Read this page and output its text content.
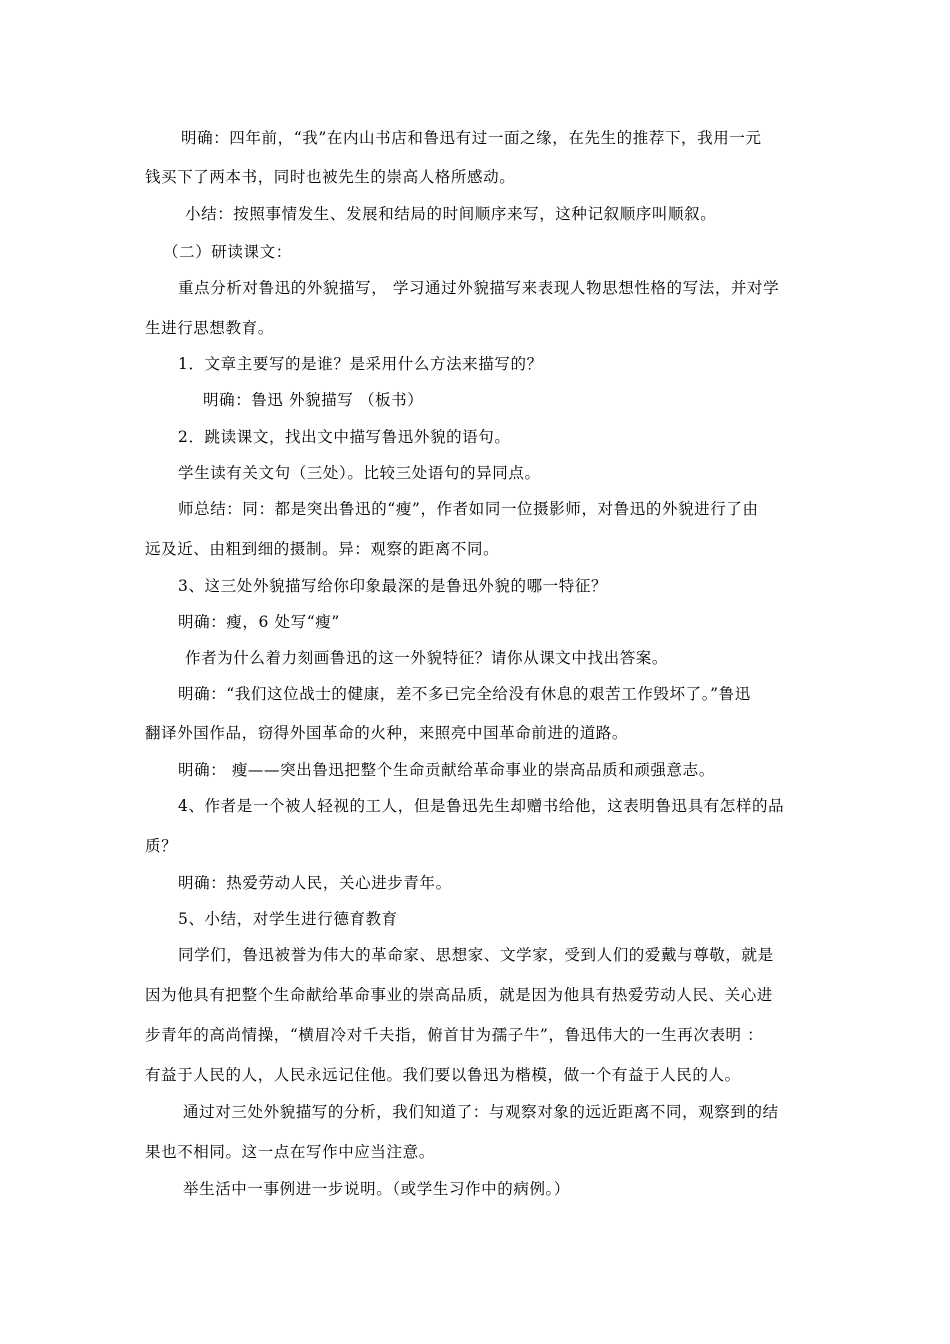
明确：四年前，“我”在内山书店和鲁迅有过一面之缘，在先生的推荐下，我用一元
钱买下了两本书，同时也被先生的崇高人格所感动。
小结：按照事情发生、发展和结局的时间顺序来写，这种记叙顺序叫顺叙。
（二）研读课文：
重点分析对鲁迅的外貌描写， 学习通过外貌描写来表现人物思想性格的写法，并对学
生进行思想教育。
1．文章主要写的是谁？是采用什么方法来描写的？
明确：鲁迅 外貌描写 （板书）
2．跳读课文，找出文中描写鲁迅外貌的语句。
学生读有关文句（三处）。比较三处语句的异同点。
师总结：同：都是突出鲁迅的“瘦”，作者如同一位摄影师，对鲁迅的外貌进行了由
远及近、由粗到细的摄制。异：观察的距离不同。
3、这三处外貌描写给你印象最深的是鲁迅外貌的哪一特征？
明确：瘦，6 处写“瘦”
作者为什么着力刻画鲁迅的这一外貌特征？请你从课文中找出答案。
明确：“我们这位战士的健康，差不多已完全给没有休息的艰苦工作毁坏了。”鲁迅
翻译外国作品，窃得外国革命的火种，来照亮中国革命前进的道路。
明确： 瘦——突出鲁迅把整个生命贡献给革命事业的崇高品质和顽强意志。
4、作者是一个被人轻视的工人，但是鲁迅先生却赠书给他，这表明鲁迅具有怎样的品
质？
明确：热爱劳动人民，关心进步青年。
5、小结，对学生进行德育教育
同学们，鲁迅被誉为伟大的革命家、思想家、文学家，受到人们的爱戴与尊敬，就是
因为他具有把整个生命献给革命事业的崇高品质，就是因为他具有热爱劳动人民、关心进
步青年的高尚情操，“横眉冷对千夫指，俯首甘为孺子牛”，鲁迅伟大的一生再次表明 ：
有益于人民的人，人民永远记住他。我们要以鲁迅为楷模，做一个有益于人民的人。
通过对三处外貌描写的分析，我们知道了：与观察对象的远近距离不同，观察到的结
果也不相同。这一点在写作中应当注意。
举生活中一事例进一步说明。（或学生习作中的病例。）
